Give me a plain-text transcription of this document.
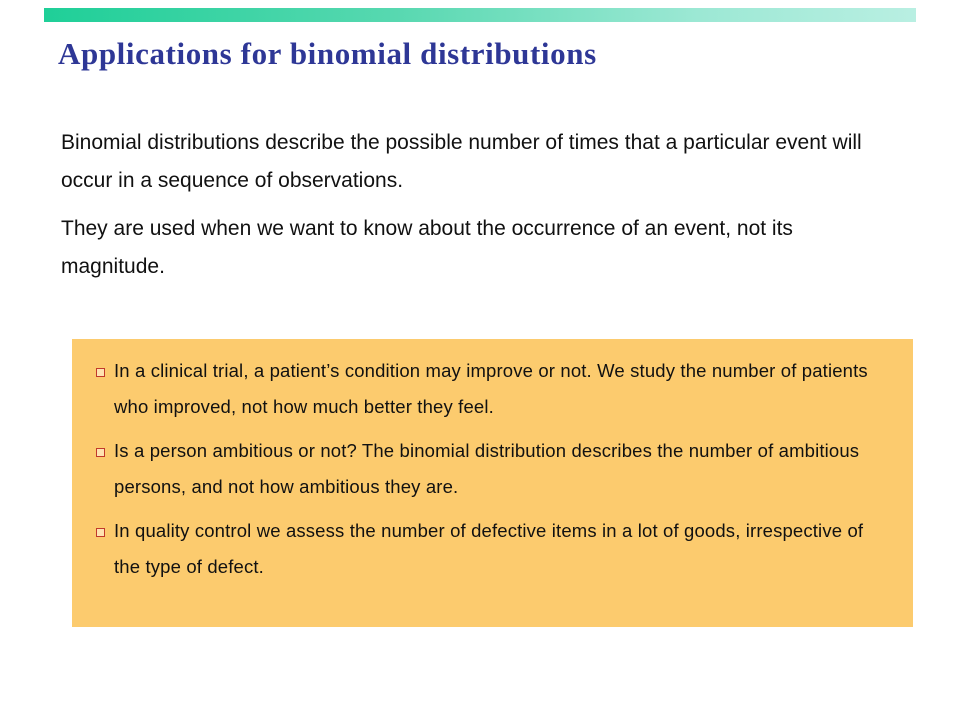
Applications for binomial distributions

Binomial distributions describe the possible number of times that a particular event will occur in a sequence of observations.

They are used when we want to know about the occurrence of an event, not its magnitude.

In a clinical trial, a patient’s condition may improve or not. We study the number of patients who improved, not how much better they feel.
Is a person ambitious or not? The binomial distribution describes the number of ambitious persons, and not how ambitious they are.
In quality control we assess the number of defective items in a lot of goods, irrespective of the type of defect.
